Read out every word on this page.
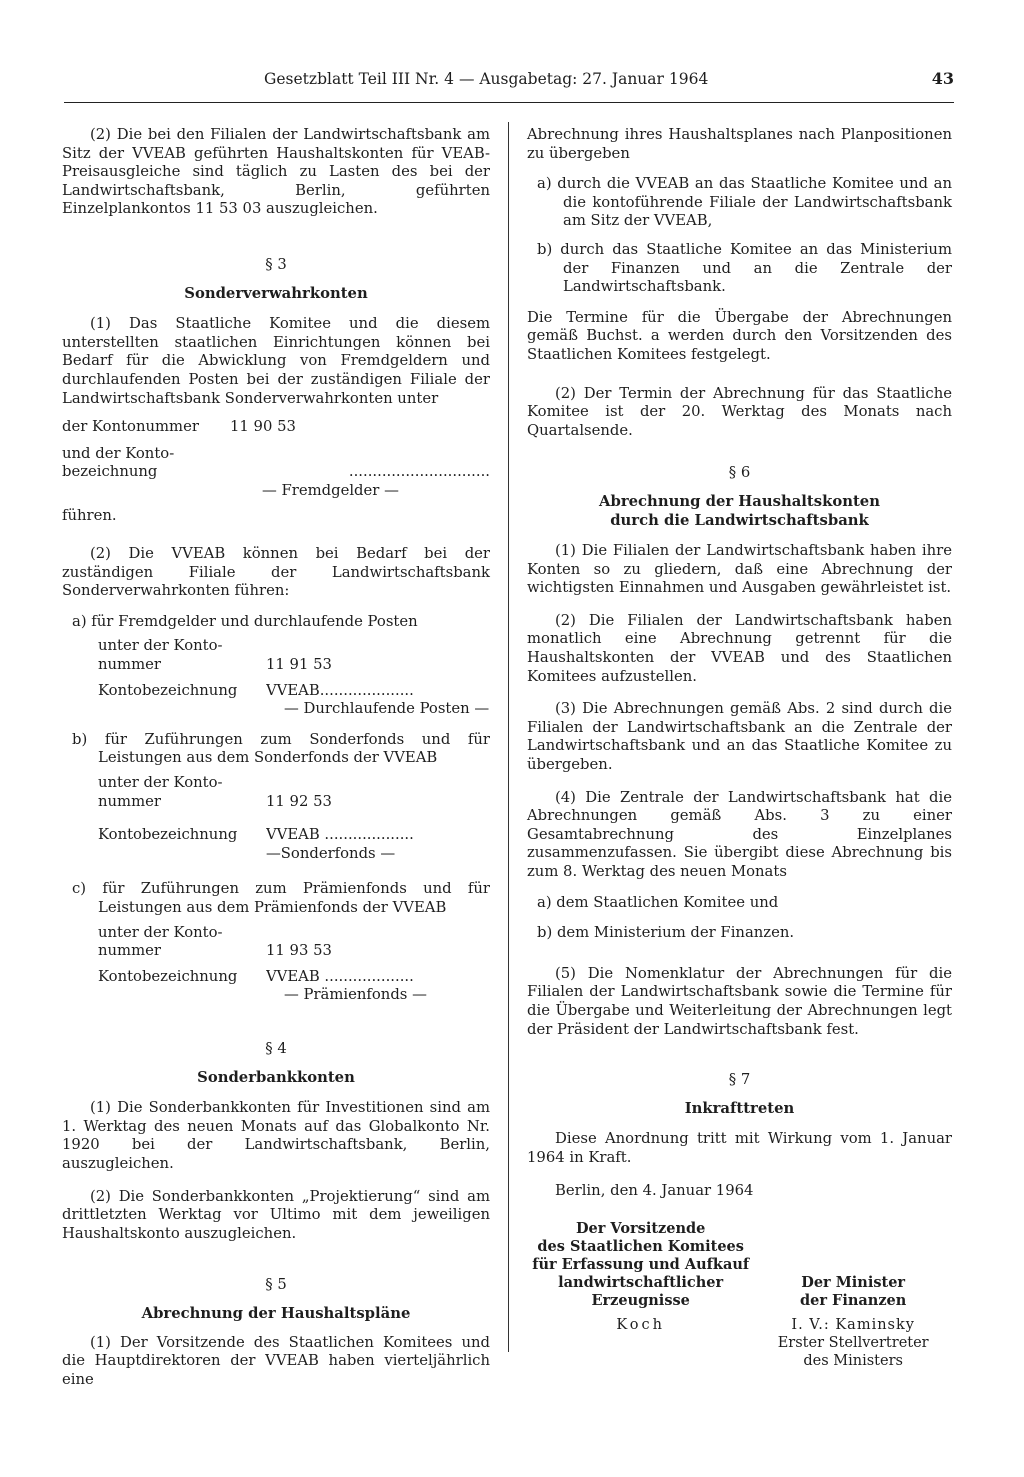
Gesetzblatt Teil III Nr. 4 — Ausgabetag: 27. Januar 1964	43

(2) Die bei den Filialen der Landwirtschaftsbank am Sitz der VVEAB geführten Haushaltskonten für VEAB-Preisausgleiche sind täglich zu Lasten des bei der Landwirtschaftsbank, Berlin, geführten Einzelplankontos 11 53 03 auszugleichen.

§ 3

Sonderverwahrkonten

(1) Das Staatliche Komitee und die diesem unterstellten staatlichen Einrichtungen können bei Bedarf für die Abwicklung von Fremdgeldern und durchlaufenden Posten bei der zuständigen Filiale der Landwirtschaftsbank Sonderverwahrkonten unter

der Kontonummer	11 90 53
und der Konto-
bezeichnung	..............................

— Fremdgelder —

führen.

(2) Die VVEAB können bei Bedarf bei der zuständigen Filiale der Landwirtschaftsbank Sonderverwahrkonten führen:

a) für Fremdgelder und durchlaufende Posten

unter der Konto-
nummer	11 91 53
Kontobezeichnung	VVEAB....................

— Durchlaufende Posten —

b) für Zuführungen zum Sonderfonds und für Leistungen aus dem Sonderfonds der VVEAB

unter der Konto-
nummer	11 92 53
Kontobezeichnung	VVEAB ...................

—Sonderfonds —

c) für Zuführungen zum Prämienfonds und für Leistungen aus dem Prämienfonds der VVEAB

unter der Konto-
nummer	11 93 53
Kontobezeichnung	VVEAB ...................

— Prämienfonds —

§ 4

Sonderbankkonten

(1) Die Sonderbankkonten für Investitionen sind am 1. Werktag des neuen Monats auf das Globalkonto Nr. 1920 bei der Landwirtschaftsbank, Berlin, auszugleichen.

(2) Die Sonderbankkonten „Projektierung“ sind am drittletzten Werktag vor Ultimo mit dem jeweiligen Haushaltskonto auszugleichen.

§ 5

Abrechnung der Haushaltspläne

(1) Der Vorsitzende des Staatlichen Komitees und die Hauptdirektoren der VVEAB haben vierteljährlich eine

Abrechnung ihres Haushaltsplanes nach Planpositionen zu übergeben

a) durch die VVEAB an das Staatliche Komitee und an die kontoführende Filiale der Landwirtschaftsbank am Sitz der VVEAB,

b) durch das Staatliche Komitee an das Ministerium der Finanzen und an die Zentrale der Landwirtschaftsbank.

Die Termine für die Übergabe der Abrechnungen gemäß Buchst. a werden durch den Vorsitzenden des Staatlichen Komitees festgelegt.

(2) Der Termin der Abrechnung für das Staatliche Komitee ist der 20. Werktag des Monats nach Quartalsende.

§ 6

Abrechnung der Haushaltskonten

durch die Landwirtschaftsbank

(1) Die Filialen der Landwirtschaftsbank haben ihre Konten so zu gliedern, daß eine Abrechnung der wichtigsten Einnahmen und Ausgaben gewährleistet ist.

(2) Die Filialen der Landwirtschaftsbank haben monatlich eine Abrechnung getrennt für die Haushaltskonten der VVEAB und des Staatlichen Komitees aufzustellen.

(3) Die Abrechnungen gemäß Abs. 2 sind durch die Filialen der Landwirtschaftsbank an die Zentrale der Landwirtschaftsbank und an das Staatliche Komitee zu übergeben.

(4) Die Zentrale der Landwirtschaftsbank hat die Abrechnungen gemäß Abs. 3 zu einer Gesamtabrechnung des Einzelplanes zusammenzufassen. Sie übergibt diese Abrechnung bis zum 8. Werktag des neuen Monats

a) dem Staatlichen Komitee und

b) dem Ministerium der Finanzen.

(5) Die Nomenklatur der Abrechnungen für die Filialen der Landwirtschaftsbank sowie die Termine für die Übergabe und Weiterleitung der Abrechnungen legt der Präsident der Landwirtschaftsbank fest.

§ 7

Inkrafttreten

Diese Anordnung tritt mit Wirkung vom 1. Januar 1964 in Kraft.

Berlin, den 4. Januar 1964

Der Vorsitzende
des Staatlichen Komitees
für Erfassung und Aufkauf
landwirtschaftlicher
Erzeugnisse
Koch
Der Minister
der Finanzen
I. V.: Kaminsky
Erster Stellvertreter
des Ministers
